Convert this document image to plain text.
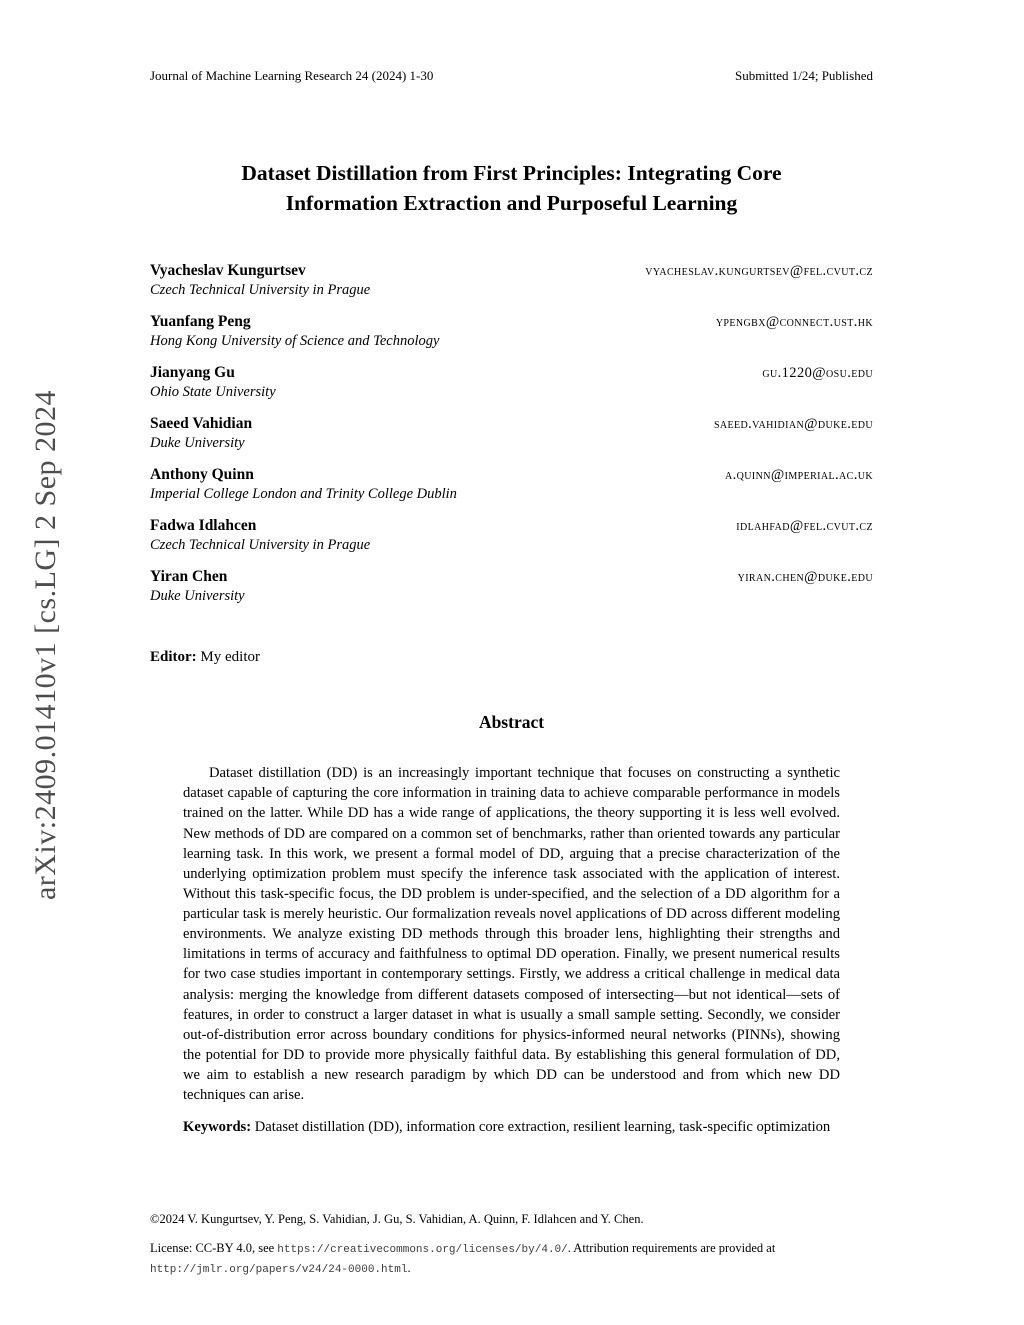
arXiv:2409.01410v1 [cs.LG] 2 Sep 2024
Journal of Machine Learning Research 24 (2024) 1-30	Submitted 1/24; Published
Dataset Distillation from First Principles: Integrating Core Information Extraction and Purposeful Learning
Vyacheslav Kungurtsev	vyacheslav.kungurtsev@fel.cvut.cz
Czech Technical University in Prague
Yuanfang Peng	ypengbx@connect.ust.hk
Hong Kong University of Science and Technology
Jianyang Gu	gu.1220@osu.edu
Ohio State University
Saeed Vahidian	saeed.vahidian@duke.edu
Duke University
Anthony Quinn	a.quinn@imperial.ac.uk
Imperial College London and Trinity College Dublin
Fadwa Idlahcen	idlahfad@fel.cvut.cz
Czech Technical University in Prague
Yiran Chen	yiran.chen@duke.edu
Duke University

Editor: My editor

Abstract

Dataset distillation (DD) is an increasingly important technique that focuses on constructing a synthetic dataset capable of capturing the core information in training data to achieve comparable performance in models trained on the latter. While DD has a wide range of applications, the theory supporting it is less well evolved. New methods of DD are compared on a common set of benchmarks, rather than oriented towards any particular learning task. In this work, we present a formal model of DD, arguing that a precise characterization of the underlying optimization problem must specify the inference task associated with the application of interest. Without this task-specific focus, the DD problem is under-specified, and the selection of a DD algorithm for a particular task is merely heuristic. Our formalization reveals novel applications of DD across different modeling environments. We analyze existing DD methods through this broader lens, highlighting their strengths and limitations in terms of accuracy and faithfulness to optimal DD operation. Finally, we present numerical results for two case studies important in contemporary settings. Firstly, we address a critical challenge in medical data analysis: merging the knowledge from different datasets composed of intersecting—but not identical—sets of features, in order to construct a larger dataset in what is usually a small sample setting. Secondly, we consider out-of-distribution error across boundary conditions for physics-informed neural networks (PINNs), showing the potential for DD to provide more physically faithful data. By establishing this general formulation of DD, we aim to establish a new research paradigm by which DD can be understood and from which new DD techniques can arise.

Keywords: Dataset distillation (DD), information core extraction, resilient learning, task-specific optimization

©2024 V. Kungurtsev, Y. Peng, S. Vahidian, J. Gu, S. Vahidian, A. Quinn, F. Idlahcen and Y. Chen.

License: CC-BY 4.0, see https://creativecommons.org/licenses/by/4.0/. Attribution requirements are provided at http://jmlr.org/papers/v24/24-0000.html.
